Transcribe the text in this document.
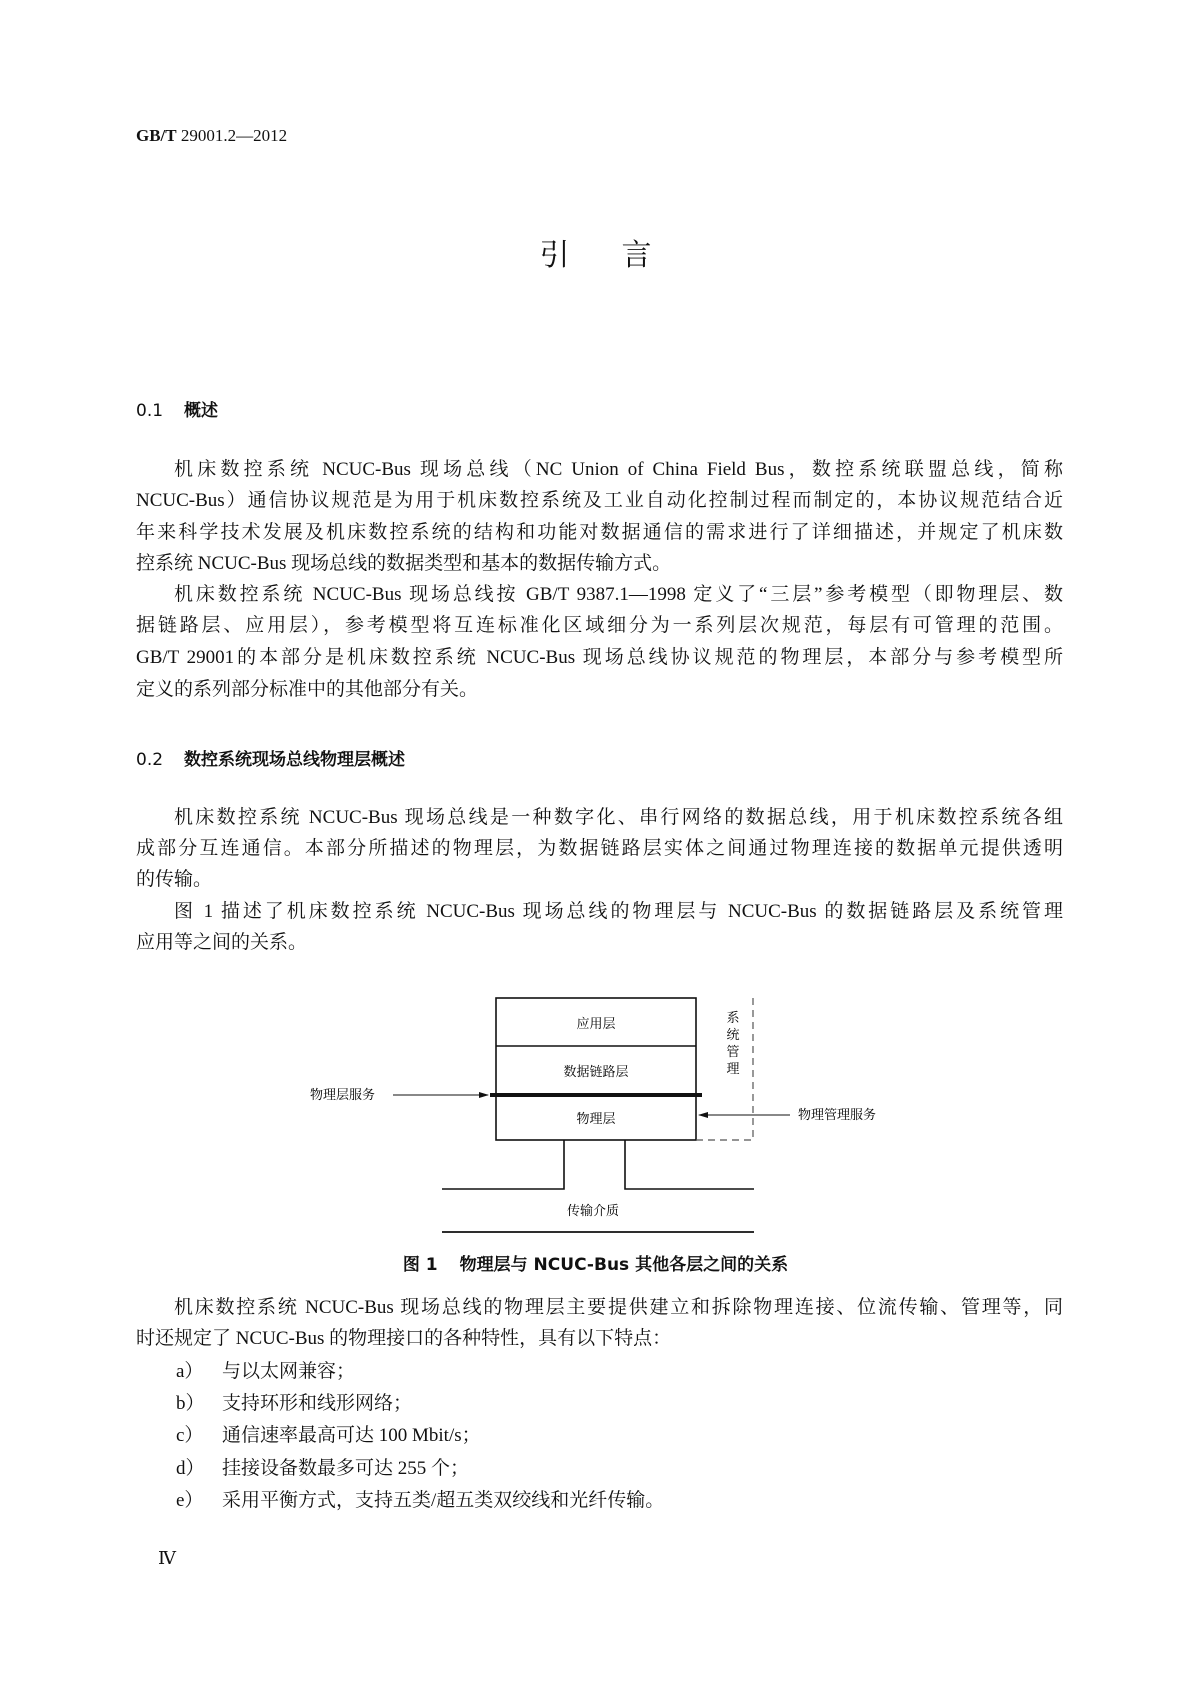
GB/T 29001.2—2012
引言
0.1 概述
机床数控系统 NCUC-Bus 现场总线（NC Union of China Field Bus，数控系统联盟总线，简称
NCUC-Bus）通信协议规范是为用于机床数控系统及工业自动化控制过程而制定的，本协议规范结合近
年来科学技术发展及机床数控系统的结构和功能对数据通信的需求进行了详细描述，并规定了机床数
控系统 NCUC-Bus 现场总线的数据类型和基本的数据传输方式。
机床数控系统 NCUC-Bus 现场总线按 GB/T 9387.1—1998 定义了“三层”参考模型（即物理层、数
据链路层、应用层），参考模型将互连标准化区域细分为一系列层次规范，每层有可管理的范围。
GB/T 29001的本部分是机床数控系统 NCUC-Bus 现场总线协议规范的物理层，本部分与参考模型所
定义的系列部分标准中的其他部分有关。
0.2 数控系统现场总线物理层概述
机床数控系统 NCUC-Bus 现场总线是一种数字化、串行网络的数据总线，用于机床数控系统各组
成部分互连通信。本部分所描述的物理层，为数据链路层实体之间通过物理连接的数据单元提供透明
的传输。
图 1 描述了机床数控系统 NCUC-Bus 现场总线的物理层与 NCUC-Bus 的数据链路层及系统管理
应用等之间的关系。
应用层
数据链路层
物理层
系统管理
物理层服务
物理管理服务
传输介质
图 1 物理层与 NCUC-Bus 其他各层之间的关系
机床数控系统 NCUC-Bus 现场总线的物理层主要提供建立和拆除物理连接、位流传输、管理等，同
时还规定了 NCUC-Bus 的物理接口的各种特性，具有以下特点：
a） 与以太网兼容；
b） 支持环形和线形网络；
c） 通信速率最高可达 100 Mbit/s；
d） 挂接设备数最多可达 255 个；
e） 采用平衡方式，支持五类/超五类双绞线和光纤传输。
Ⅳ
